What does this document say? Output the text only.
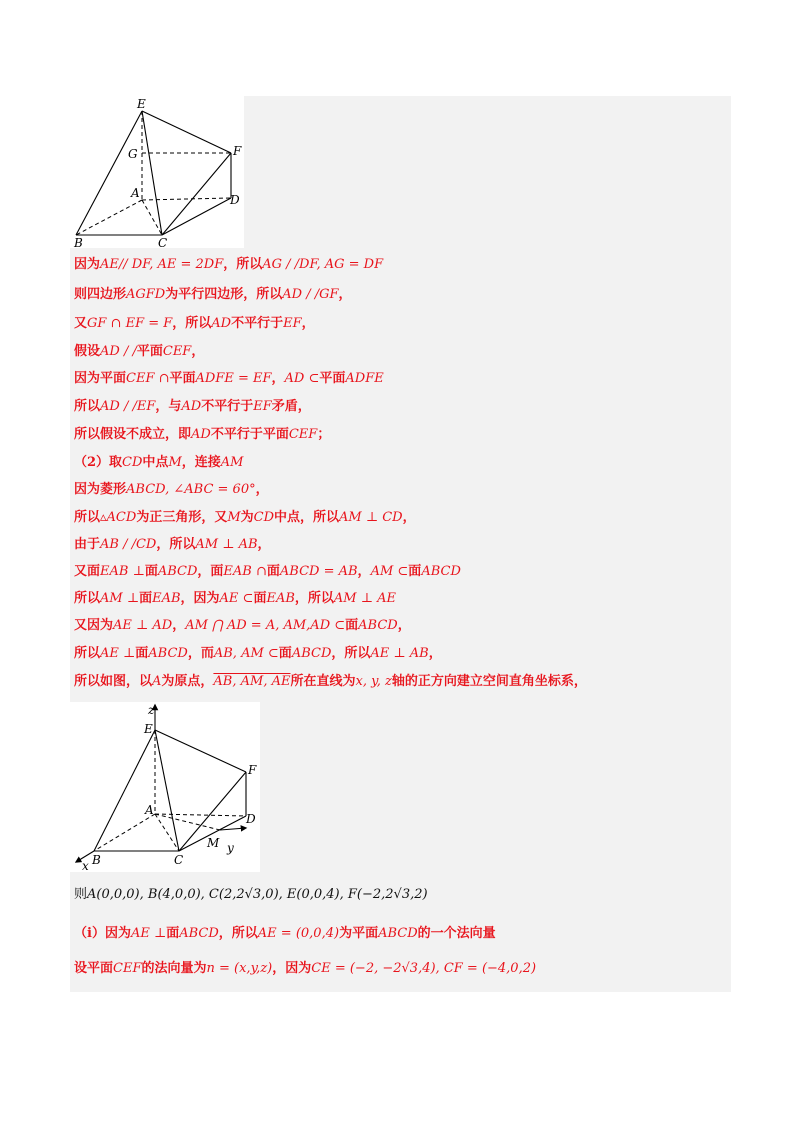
E
G	F
A	D
B	C
因为AE// DF, AE = 2DF，所以AG / /DF, AG = DF
则四边形AGFD为平行四边形，所以AD / /GF，
又GF ∩ EF = F，所以AD不平行于EF，
假设AD / /平面CEF，
因为平面CEF ∩平面ADFE = EF，AD ⊂平面ADFE
所以AD / /EF，与AD不平行于EF矛盾，
所以假设不成立，即AD不平行于平面CEF；
（2）取CD中点M，连接AM
因为菱形ABCD, ∠ABC = 60°，
所以▵ACD为正三角形，又M为CD中点，所以AM ⊥ CD，
由于AB / /CD，所以AM ⊥ AB，
又面EAB ⊥面ABCD，面EAB ∩面ABCD = AB，AM ⊂面ABCD
所以AM ⊥面EAB，因为AE ⊂面EAB，所以AM ⊥ AE
又因为AE ⊥ AD，AM ⋂ AD = A, AM,AD ⊂面ABCD，
所以AE ⊥面ABCD，而AB, AM ⊂面ABCD，所以AE ⊥ AB，
所以如图，以A为原点，AB, AM, AE所在直线为x, y, z轴的正方向建立空间直角坐标系，
z
E
F
A
D
M y
B	C
x
则A(0,0,0), B(4,0,0), C(2,2√3,0), E(0,0,4), F(−2,2√3,2)
（i）因为AE ⊥面ABCD，所以AE = (0,0,4)为平面ABCD的一个法向量
设平面CEF的法向量为n = (x,y,z)，因为CE = (−2, −2√3,4), CF = (−4,0,2)
